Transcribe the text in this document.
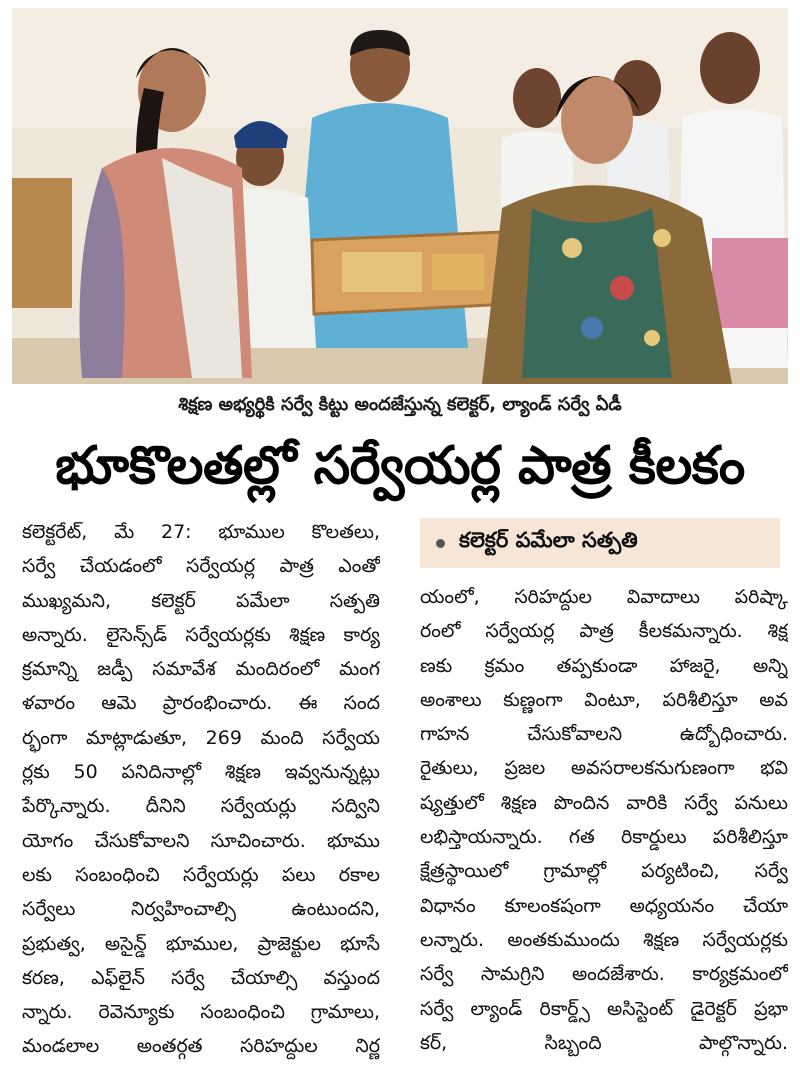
శిక్షణ అభ్యర్థికి సర్వే కిట్టు అందజేస్తున్న కలెక్టర్‌, ల్యాండ్‌ సర్వే ఏడీ
భూకొలతల్లో సర్వేయర్ల పాత్ర కీలకం

కలెక్టరేట్‌, మే 27: భూముల కొలతలు,

సర్వే చేయడంలో సర్వేయర్ల పాత్ర ఎంతో

ముఖ్యమని, కలెక్టర్‌ పమేలా సత్పతి

అన్నారు. లైసెన్స్‌డ్‌ సర్వేయర్లకు శిక్షణ కార్య

క్రమాన్ని జడ్పీ సమావేశ మందిరంలో మంగ

ళవారం ఆమె ప్రారంభించారు. ఈ సంద

ర్భంగా మాట్లాడుతూ, 269 మంది సర్వేయ

ర్లకు 50 పనిదినాల్లో శిక్షణ ఇవ్వనున్నట్లు

పేర్కొన్నారు. దీనిని సర్వేయర్లు సద్విని

యోగం చేసుకోవాలని సూచించారు. భూము

లకు సంబంధించి సర్వేయర్లు పలు రకాల

సర్వేలు నిర్వహించాల్సి ఉంటుందని,

ప్రభుత్వ, అసైన్డ్‌ భూముల, ప్రాజెక్టుల భూసే

కరణ, ఎఫ్‌లైన్‌ సర్వే చేయాల్సి వస్తుంద

న్నారు. రెవెన్యూకు సంబంధించి గ్రామాలు,

మండలాల అంతర్గత సరిహద్దుల నిర్ణ

కలెక్టర్‌ పమేలా సత్పతి

యంలో, సరిహద్దుల వివాదాలు పరిష్కా

రంలో సర్వేయర్ల పాత్ర కీలకమన్నారు. శిక్ష

ణకు క్రమం తప్పకుండా హాజరై, అన్ని

అంశాలు కుణ్ణంగా వింటూ, పరిశీలిస్తూ అవ

గాహన చేసుకోవాలని ఉద్బోధించారు.

రైతులు, ప్రజల అవసరాలకనుగుణంగా భవి

ష్యత్తులో శిక్షణ పొందిన వారికి సర్వే పనులు

లభిస్తాయన్నారు. గత రికార్డులు పరిశీలిస్తూ

క్షేత్రస్థాయిలో గ్రామాల్లో పర్యటించి, సర్వే

విధానం కూలంకషంగా అధ్యయనం చేయా

లన్నారు. అంతకుముందు శిక్షణ సర్వేయర్లకు

సర్వే సామగ్రిని అందజేశారు. కార్యక్రమంలో

సర్వే ల్యాండ్‌ రికార్డ్స్‌ అసిస్టెంట్‌ డైరెక్టర్‌ ప్రభా

కర్‌, సిబ్బంది పాల్గొన్నారు.
